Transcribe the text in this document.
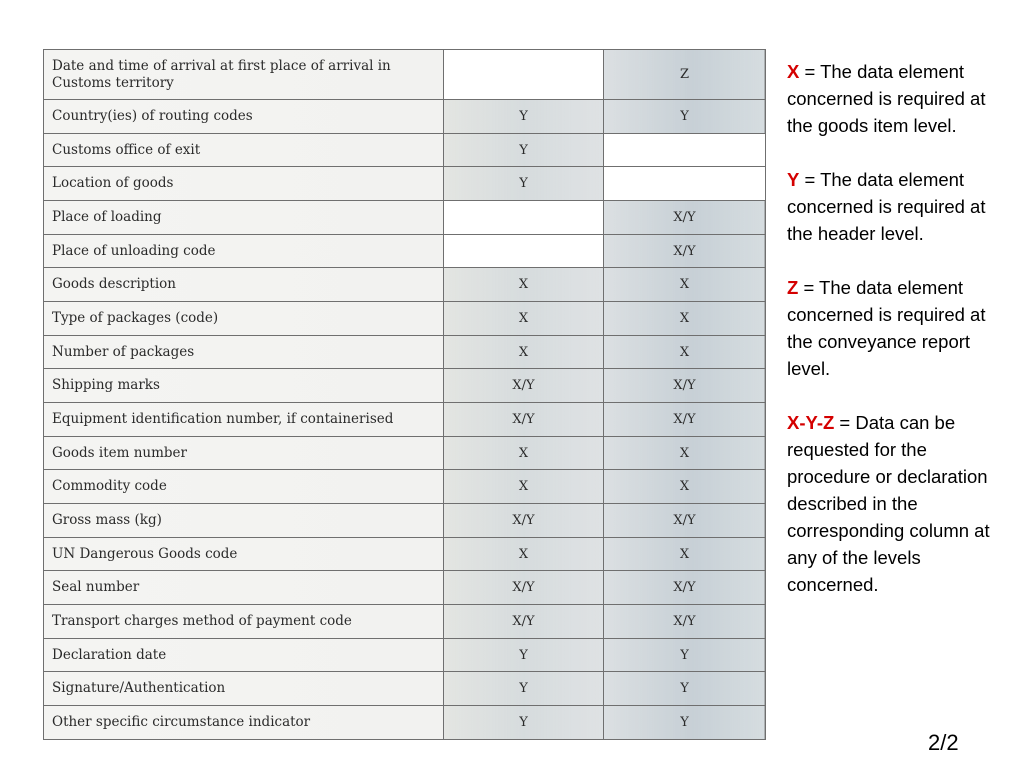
Date and time of arrival at first place of arrival in Customs territory		Z
Country(ies) of routing codes	Y	Y
Customs office of exit	Y	
Location of goods	Y	
Place of loading		X/Y
Place of unloading code		X/Y
Goods description	X	X
Type of packages (code)	X	X
Number of packages	X	X
Shipping marks	X/Y	X/Y
Equipment identification number, if containerised	X/Y	X/Y
Goods item number	X	X
Commodity code	X	X
Gross mass (kg)	X/Y	X/Y
UN Dangerous Goods code	X	X
Seal number	X/Y	X/Y
Transport charges method of payment code	X/Y	X/Y
Declaration date	Y	Y
Signature/Authentication	Y	Y
Other specific circumstance indicator	Y	Y
X = The data element concerned is required at the goods item level.
Y = The data element concerned is required at the header level.
Z = The data element concerned is required at the conveyance report level.
X-Y-Z = Data can be requested for the procedure or declaration described in the corresponding column at any of the levels concerned.
2/2
